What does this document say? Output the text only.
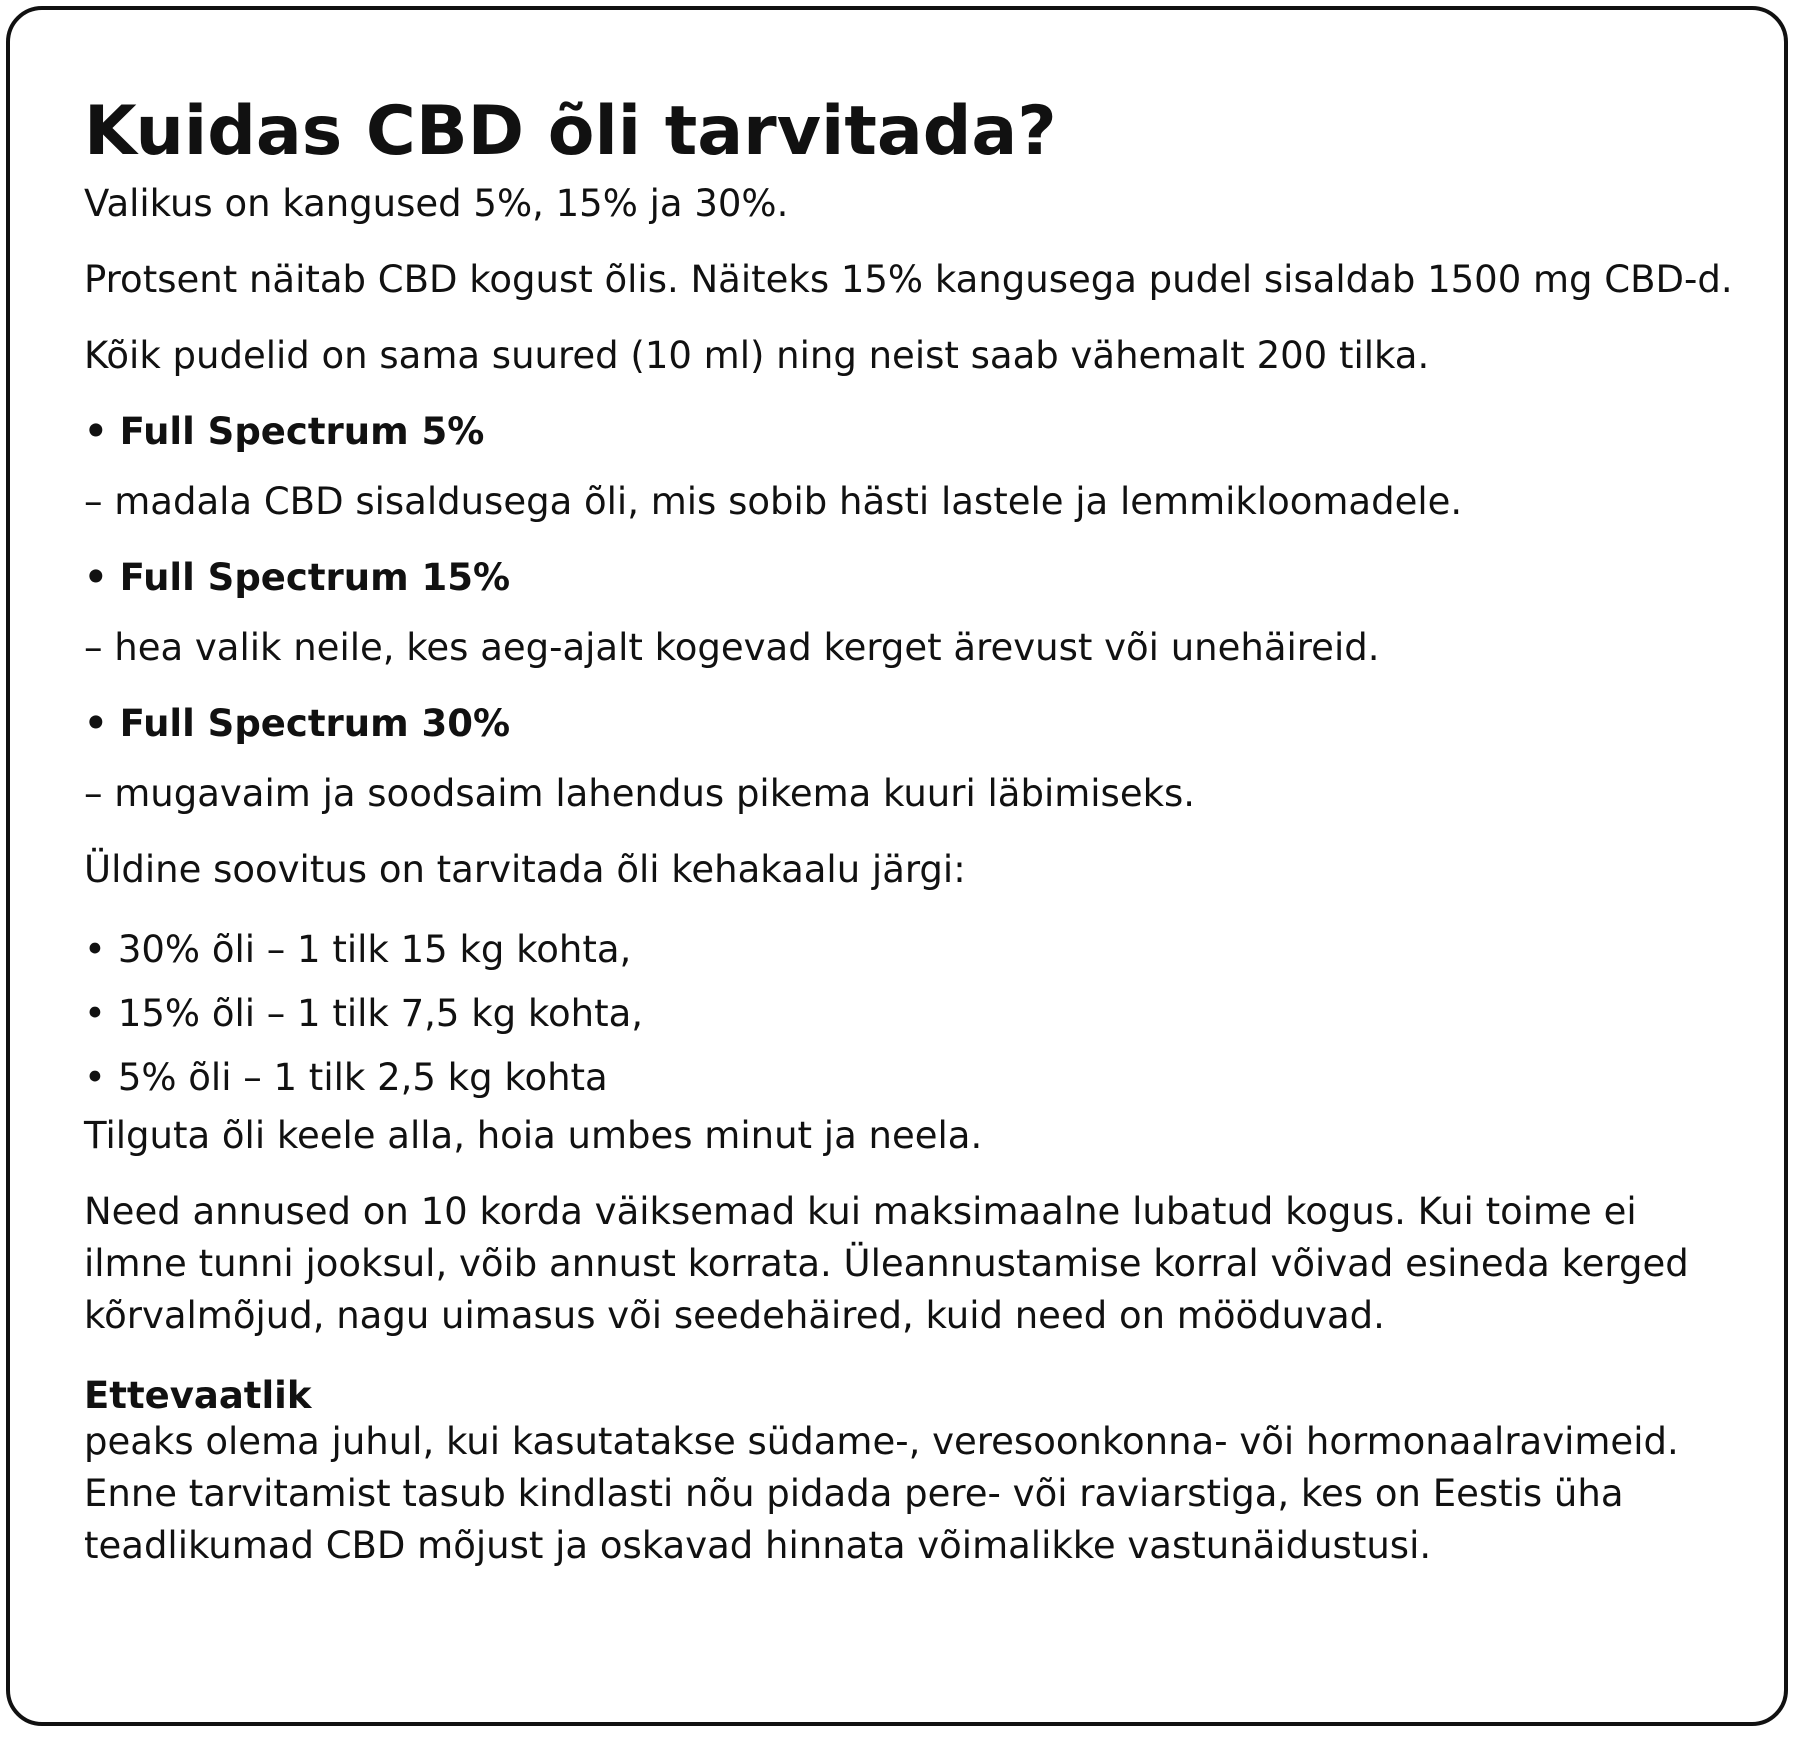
Kuidas CBD õli tarvitada?

Valikus on kangused 5%, 15% ja 30%.

Protsent näitab CBD kogust õlis. Näiteks 15% kangusega pudel sisaldab 1500 mg CBD-d.

Kõik pudelid on sama suured (10 ml) ning neist saab vähemalt 200 tilka.

• Full Spectrum 5%

– madala CBD sisaldusega õli, mis sobib hästi lastele ja lemmikloomadele.

• Full Spectrum 15%

– hea valik neile, kes aeg-ajalt kogevad kerget ärevust või unehäireid.

• Full Spectrum 30%

– mugavaim ja soodsaim lahendus pikema kuuri läbimiseks.

Üldine soovitus on tarvitada õli kehakaalu järgi:

• 30% õli – 1 tilk 15 kg kohta,
• 15% õli – 1 tilk 7,5 kg kohta,
• 5% õli – 1 tilk 2,5 kg kohta

Tilguta õli keele alla, hoia umbes minut ja neela.

Need annused on 10 korda väiksemad kui maksimaalne lubatud kogus. Kui toime ei ilmne tunni jooksul, võib annust korrata. Üleannustamise korral võivad esineda kerged kõrvalmõjud, nagu uimasus või seedehäired, kuid need on mööduvad.

Ettevaatlik

peaks olema juhul, kui kasutatakse südame-, veresoonkonna- või hormonaalravimeid. Enne tarvitamist tasub kindlasti nõu pidada pere- või raviarstiga, kes on Eestis üha teadlikumad CBD mõjust ja oskavad hinnata võimalikke vastunäidustusi.
